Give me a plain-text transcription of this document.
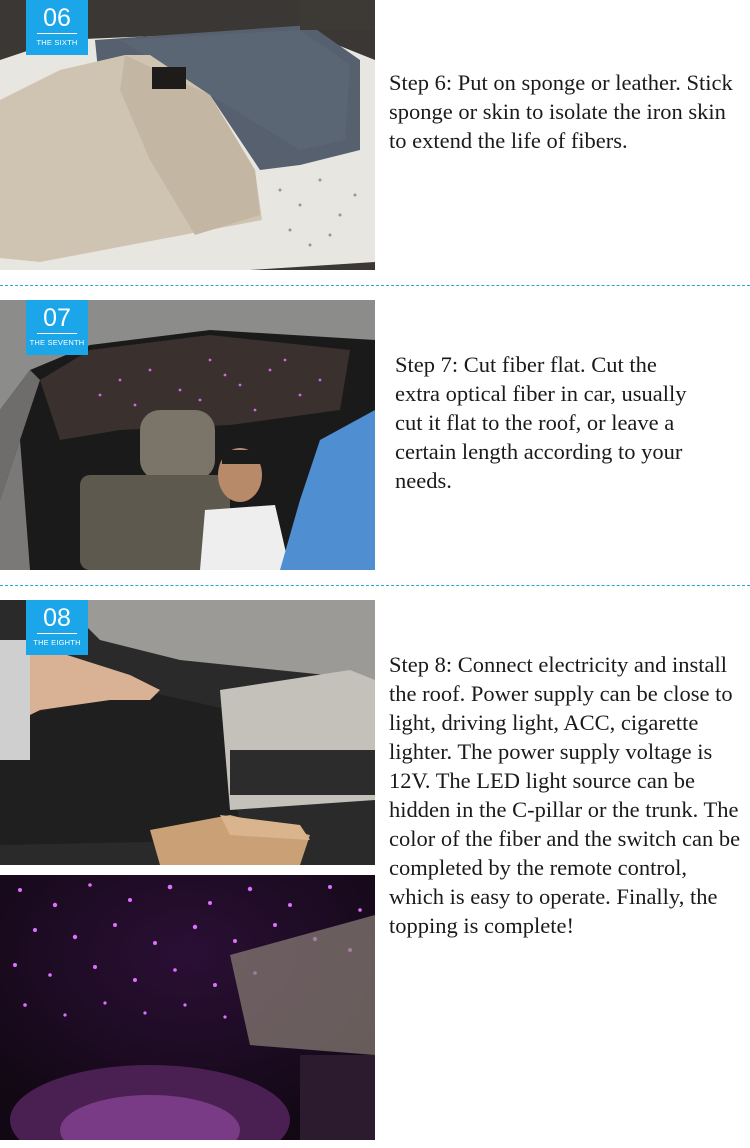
06
THE SIXTH

Step 6: Put on sponge or leather. Stick sponge or skin to isolate the iron skin to extend the life of fibers.

07
THE SEVENTH

Step 7: Cut fiber flat. Cut the extra optical fiber in car, usually cut it flat to the roof, or leave a certain length according to your needs.

08
THE EIGHTH

Step 8: Connect electricity and install the roof. Power supply can be close to light, driving light, ACC, cigarette lighter. The power supply voltage is 12V. The LED light source can be hidden in the C-pillar or the trunk. The color of the fiber and the switch can be completed by the remote control, which is easy to operate. Finally, the topping is complete!
